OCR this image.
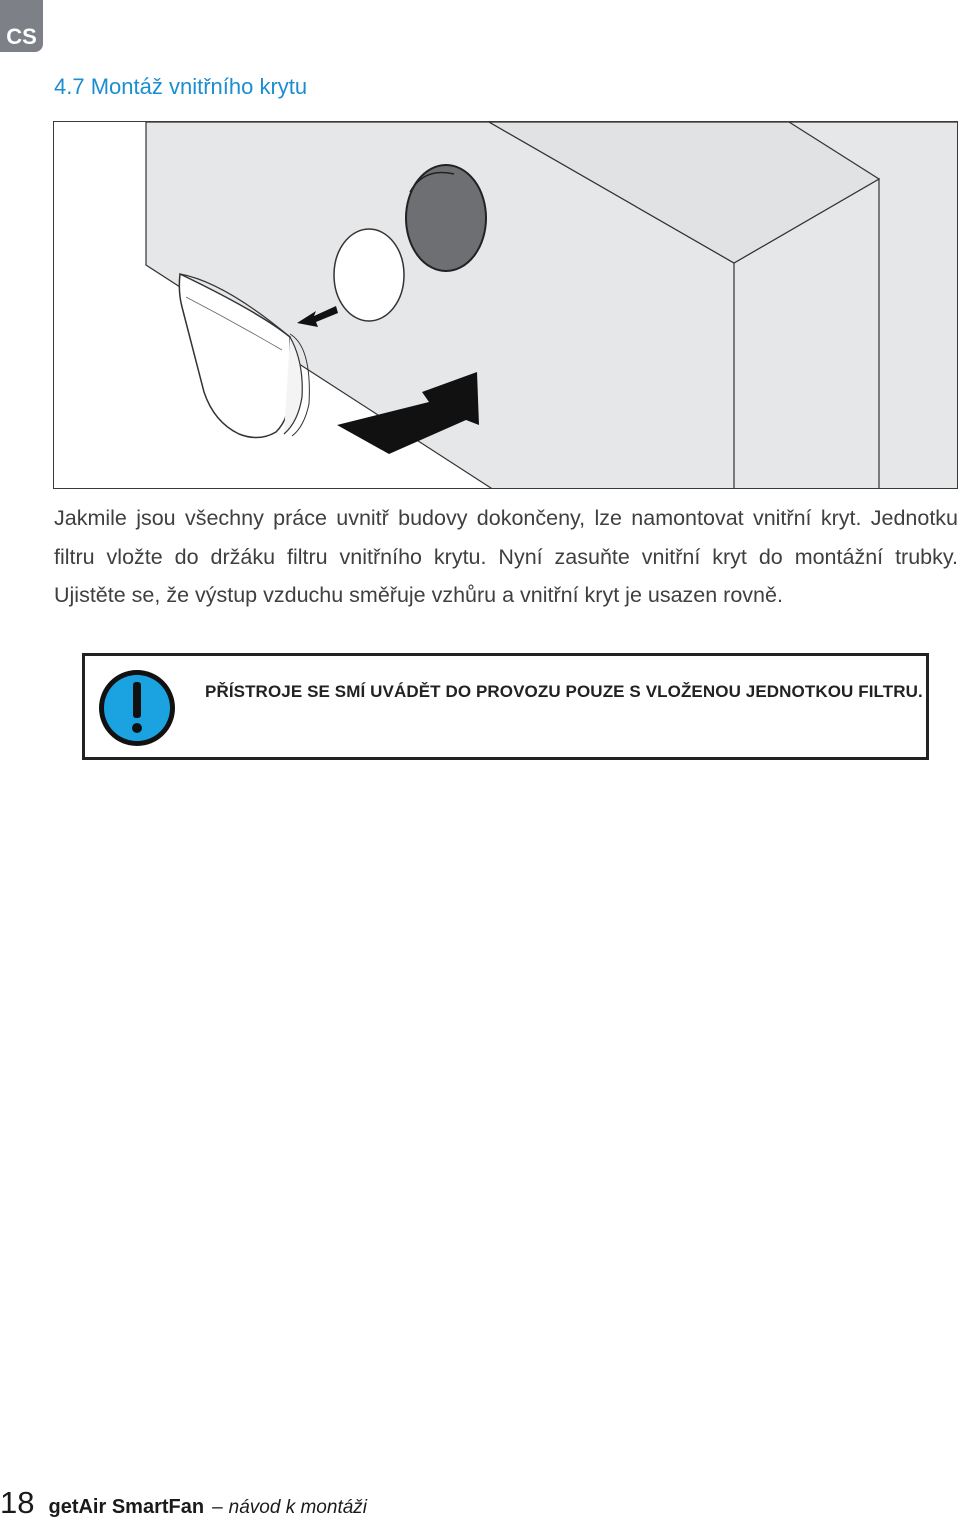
CS
4.7 Montáž vnitřního krytu
Jakmile jsou všechny práce uvnitř budovy dokončeny, lze namontovat vnitřní kryt. Jednotku filtru vložte do držáku filtru vnitřního krytu. Nyní zasuňte vnitřní kryt do montážní trubky. Ujistěte se, že výstup vzduchu směřuje vzhůru a vnitřní kryt je usazen rovně.
PŘÍSTROJE SE SMÍ UVÁDĚT DO PROVOZU POUZE S VLOŽENOU JEDNOTKOU FILTRU.
18 getAir SmartFan – návod k montáži
